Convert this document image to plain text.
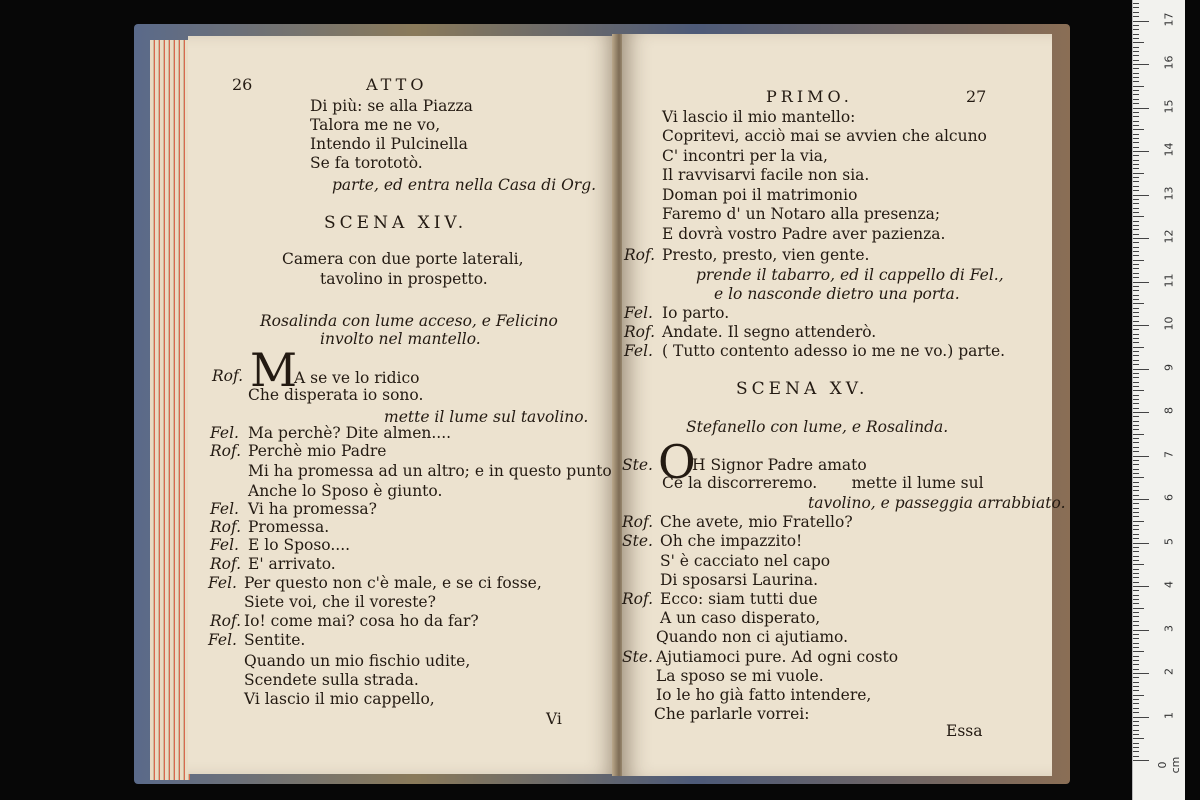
26	ATTO
Di più: se alla Piazza
Talora me ne vo,
Intendo il Pulcinella
Se fa torototò.
parte, ed entra nella Casa di Org.
SCENA XIV.
Camera con due porte laterali,
tavolino in prospetto.
Rosalinda con lume acceso, e Felicino
involto nel mantello.
M
Rof.	A se ve lo ridico
Che disperata io sono.
mette il lume sul tavolino.
Fel. Ma perchè? Dite almen....
Rof. Perchè mio Padre
Mi ha promessa ad un altro; e in questo punto
Anche lo Sposo è giunto.
Fel. Vi ha promessa?
Rof. Promessa.
Fel. E lo Sposo....
Rof. E' arrivato.
Fel. Per questo non c'è male, e se ci fosse,
Siete voi, che il voreste?
Rof. Io! come mai? cosa ho da far?
Fel. Sentite.
Quando un mio fischio udite,
Scendete sulla strada.
Vi lascio il mio cappello,
Vi
PRIMO.	27
Vi lascio il mio mantello:
Copritevi, acciò mai se avvien che alcuno
C' incontri per la via,
Il ravvisarvi facile non sia.
Doman poi il matrimonio
Faremo d' un Notaro alla presenza;
E dovrà vostro Padre aver pazienza.
Rof. Presto, presto, vien gente.
prende il tabarro, ed il cappello di Fel.,
e lo nasconde dietro una porta.
Fel. Io parto.
Rof. Andate. Il segno attenderò.
Fel. ( Tutto contento adesso io me ne vo.) parte.
SCENA XV.
Stefanello con lume, e Rosalinda.
O
Ste.	H Signor Padre amato
Ce la discorreremo.       mette il lume sul
tavolino, e passeggia arrabbiato.
Rof. Che avete, mio Fratello?
Ste. Oh che impazzito!
S' è cacciato nel capo
Di sposarsi Laurina.
Rof. Ecco: siam tutti due
A un caso disperato,
Quando non ci ajutiamo.
Ste. Ajutiamoci pure. Ad ogni costo
La sposo se mi vuole.
Io le ho già fatto intendere,
Che parlarle vorrei:
Essa
0 cm
1
2
3
4
5
6
7
8
9
10
11
12
13
14
15
16
17
